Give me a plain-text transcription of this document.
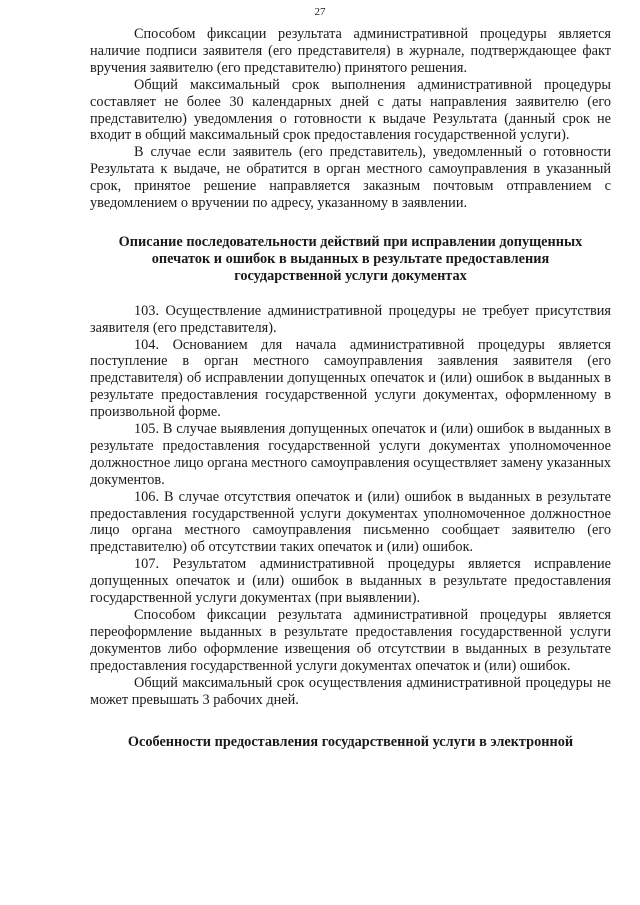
27

Способом фиксации результата административной процедуры является наличие подписи заявителя (его представителя) в журнале, подтверждающее факт вручения заявителю (его представителю) принятого решения.

Общий максимальный срок выполнения административной процедуры составляет не более 30 календарных дней с даты направления заявителю (его представителю) уведомления о готовности к выдаче Результата (данный срок не входит в общий максимальный срок предоставления государственной услуги).

В случае если заявитель (его представитель), уведомленный о готовности Результата к выдаче, не обратится в орган местного самоуправления в указанный срок, принятое решение направляется заказным почтовым отправлением с уведомлением о вручении по адресу, указанному в заявлении.

Описание последовательности действий при исправлении допущенных опечаток и ошибок в выданных в результате предоставления государственной услуги документах

103. Осуществление административной процедуры не требует присутствия заявителя (его представителя).

104. Основанием для начала административной процедуры является поступление в орган местного самоуправления заявления заявителя (его представителя) об исправлении допущенных опечаток и (или) ошибок в выданных в результате предоставления государственной услуги документах, оформленному в произвольной форме.

105. В случае выявления допущенных опечаток и (или) ошибок в выданных в результате предоставления государственной услуги документах уполномоченное должностное лицо органа местного самоуправления осуществляет замену указанных документов.

106. В случае отсутствия опечаток и (или) ошибок в выданных в результате предоставления государственной услуги документах уполномоченное должностное лицо органа местного самоуправления письменно сообщает заявителю (его представителю) об отсутствии таких опечаток и (или) ошибок.

107. Результатом административной процедуры является исправление допущенных опечаток и (или) ошибок в выданных в результате предоставления государственной услуги документах (при выявлении).

Способом фиксации результата административной процедуры является переоформление выданных в результате предоставления государственной услуги документов либо оформление извещения об отсутствии в выданных в результате предоставления государственной услуги документах опечаток и (или) ошибок.

Общий максимальный срок осуществления административной процедуры не может превышать 3 рабочих дней.

Особенности предоставления государственной услуги в электронной
